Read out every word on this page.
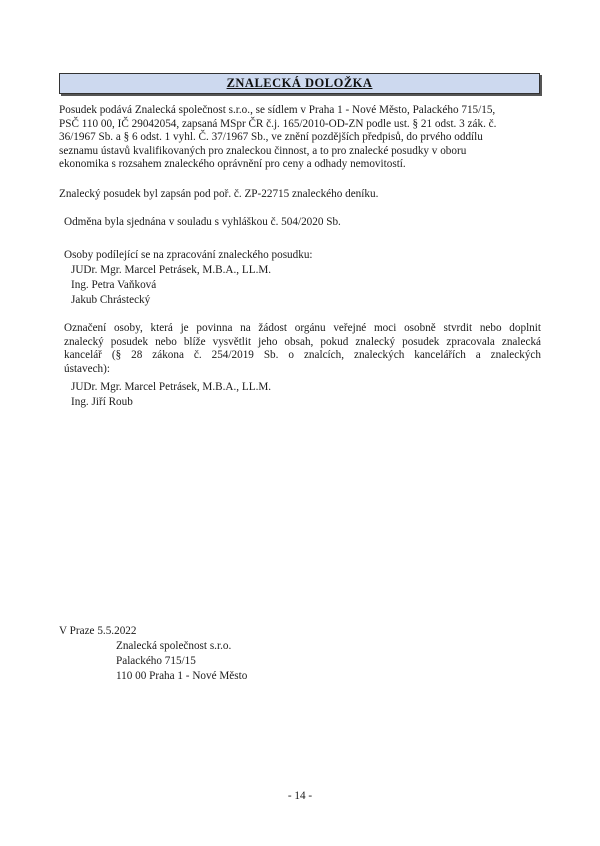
ZNALECKÁ DOLOŽKA
Posudek podává Znalecká společnost s.r.o., se sídlem v Praha 1 - Nové Město, Palackého 715/15,
PSČ 110 00, IČ 29042054, zapsaná MSpr ČR č.j. 165/2010-OD-ZN podle ust. § 21 odst. 3 zák. č.
36/1967 Sb. a § 6 odst. 1 vyhl. Č. 37/1967 Sb., ve znění pozdějších předpisů, do prvého oddílu
seznamu ústavů kvalifikovaných pro znaleckou činnost, a to pro znalecké posudky v oboru
ekonomika s rozsahem znaleckého oprávnění pro ceny a odhady nemovitostí.
Znalecký posudek byl zapsán pod poř. č. ZP-22715 znaleckého deníku.
Odměna byla sjednána v souladu s vyhláškou č. 504/2020 Sb.
Osoby podílející se na zpracování znaleckého posudku:
JUDr. Mgr. Marcel Petrásek, M.B.A., LL.M.
Ing. Petra Vaňková
Jakub Chrástecký
Označení osoby, která je povinna na žádost orgánu veřejné moci osobně stvrdit nebo doplnit
znalecký posudek nebo blíže vysvětlit jeho obsah, pokud znalecký posudek zpracovala znalecká
kancelář (§ 28 zákona č. 254/2019 Sb. o znalcích, znaleckých kancelářích a znaleckých
ústavech):
JUDr. Mgr. Marcel Petrásek, M.B.A., LL.M.
Ing. Jiří Roub
V Praze 5.5.2022
Znalecká společnost s.r.o.
Palackého 715/15
110 00 Praha 1 - Nové Město
- 14 -
